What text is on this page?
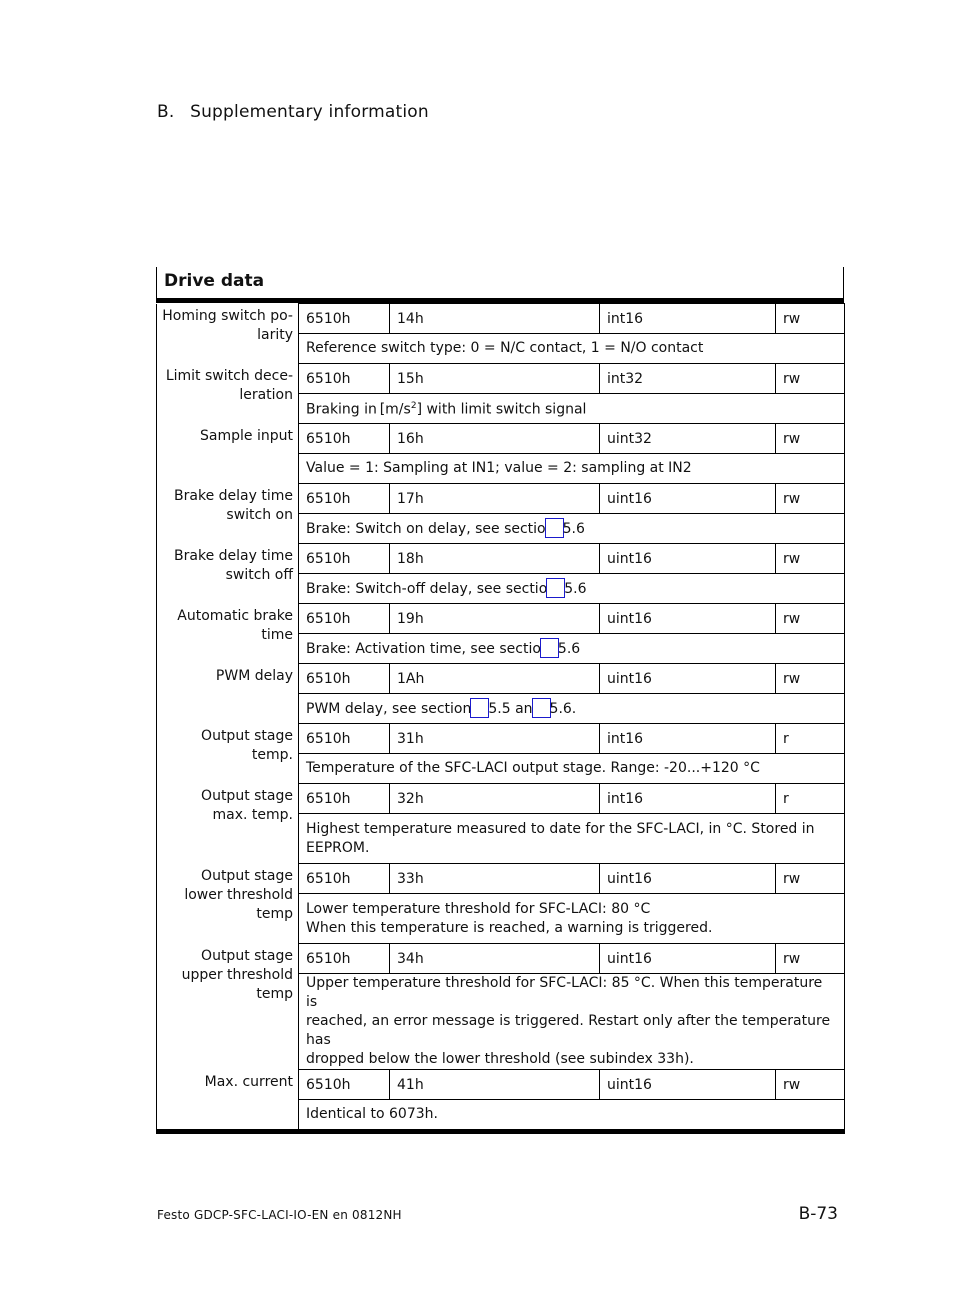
B. Supplementary information
Drive data
Homing switch po-
larity	6510h	14h	int16	rw
	Reference switch type: 0 = N/C contact, 1 = N/O contact			
Limit switch dece-
leration	6510h	15h	int32	rw
	Braking in $[m/s^2]$ with limit switch signal			
Sample input	6510h	16h	uint32	rw
	Value = 1: Sampling at IN1; value = 2: sampling at IN2			
Brake delay time
switch on	6510h	17h	uint16	rw
	Brake: Switch on delay, see sectio 5.6			
Brake delay time
switch off	6510h	18h	uint16	rw
	Brake: Switch-off delay, see sectio 5.6			
Automatic brake
time	6510h	19h	uint16	rw
	Brake: Activation time, see sectio 5.6			
PWM delay	6510h	1Ah	uint16	rw
	PWM delay, see section 5.5 an 5.6.			
Output stage
temp.	6510h	31h	int16	r
	Temperature of the SFC-LACI output stage. Range: -20...+120 °C			
Output stage
max. temp.	6510h	32h	int16	r
	Highest temperature measured to date for the SFC-LACI, in °C. Stored in
EEPROM.			
Output stage
lower threshold
temp	6510h	33h	uint16	rw
	Lower temperature threshold for SFC-LACI: 80 °C
When this temperature is reached, a warning is triggered.			
Output stage
upper threshold
temp	6510h	34h	uint16	rw
	Upper temperature threshold for SFC-LACI: 85 °C. When this temperature is
reached, an error message is triggered. Restart only after the temperature has
dropped below the lower threshold (see subindex 33h).			
Max. current	6510h	41h	uint16	rw
	Identical to 6073h.			
Festo GDCP-SFC-LACI-IO-EN en 0812NH	B-73
